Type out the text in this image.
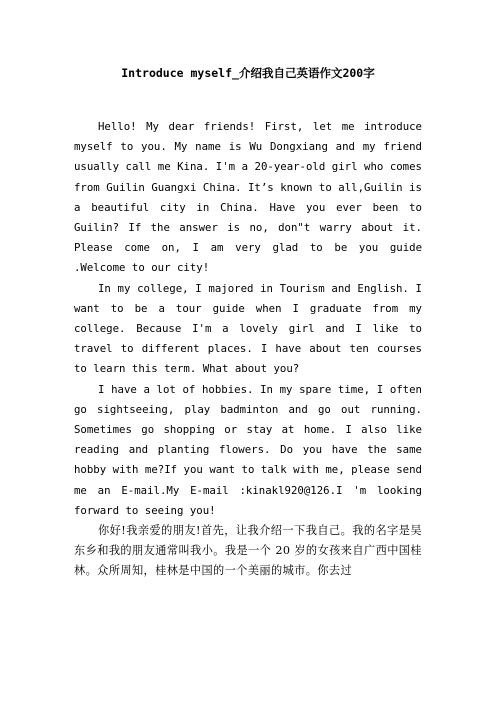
Introduce myself_介绍我自己英语作文200字

Hello! My dear friends! First, let me introduce myself to you. My name is Wu Dongxiang and my friend usually call me Kina. I'm a 20-year-old girl who comes from Guilin Guangxi China. It’s known to all,Guilin is a beautiful city in China. Have you ever been to Guilin? If the answer is no, don"t warry about it. Please come on, I am very glad to be you guide .Welcome to our city!

In my college, I majored in Tourism and English. I want to be a tour guide when I graduate from my college. Because I'm a lovely girl and I like to travel to different places. I have about ten courses to learn this term. What about you?

I have a lot of hobbies. In my spare time, I often go sightseeing, play badminton and go out running. Sometimes go shopping or stay at home. I also like reading and planting flowers. Do you have the same hobby with me?If you want to talk with me, please send me an E-mail.My E-mail :kinakl920@126.I 'm looking forward to seeing you!

你好!我亲爱的朋友!首先，让我介绍一下我自己。我的名字是吴东乡和我的朋友通常叫我小。我是一个 20 岁的女孩来自广西中国桂林。众所周知，桂林是中国的一个美丽的城市。你去过
